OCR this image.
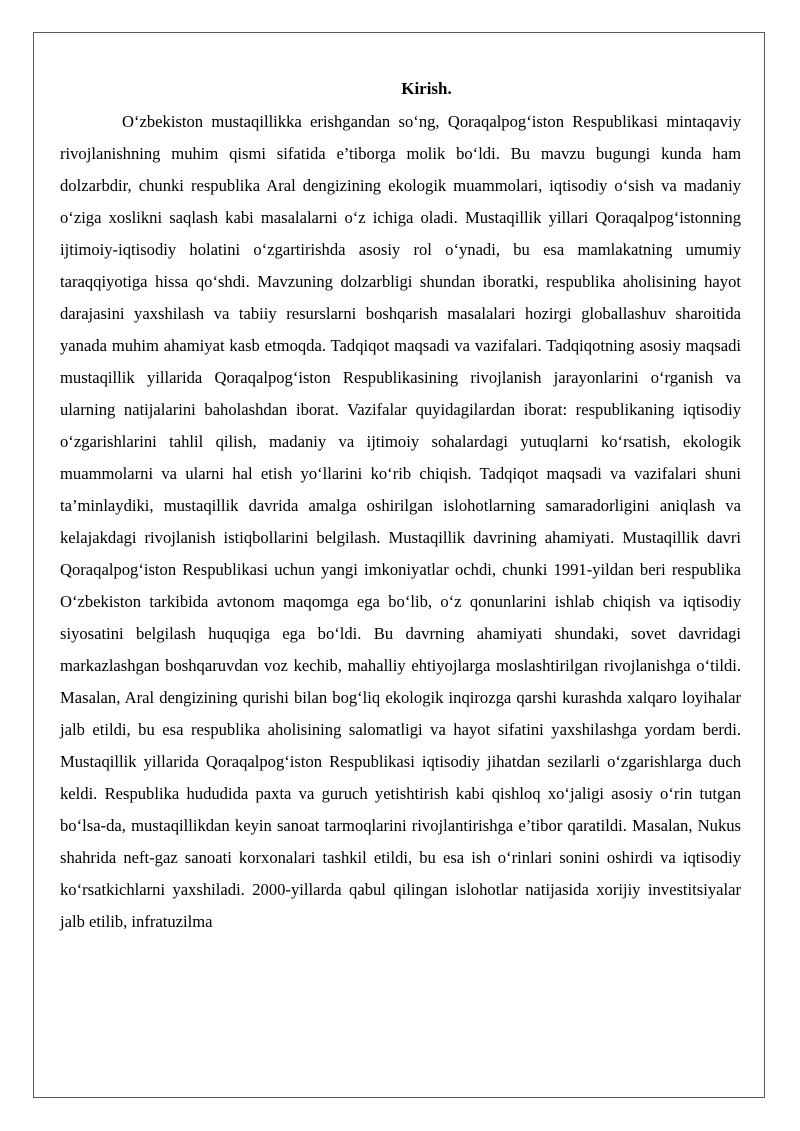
Kirish.

O‘zbekiston mustaqillikka erishgandan so‘ng, Qoraqalpog‘iston Respublikasi mintaqaviy rivojlanishning muhim qismi sifatida e’tiborga molik bo‘ldi. Bu mavzu bugungi kunda ham dolzarbdir, chunki respublika Aral dengizining ekologik muammolari, iqtisodiy o‘sish va madaniy o‘ziga xoslikni saqlash kabi masalalarni o‘z ichiga oladi. Mustaqillik yillari Qoraqalpog‘istonning ijtimoiy-iqtisodiy holatini o‘zgartirishda asosiy rol o‘ynadi, bu esa mamlakatning umumiy taraqqiyotiga hissa qo‘shdi. Mavzuning dolzarbligi shundan iboratki, respublika aholisining hayot darajasini yaxshilash va tabiiy resurslarni boshqarish masalalari hozirgi globallashuv sharoitida yanada muhim ahamiyat kasb etmoqda. Tadqiqot maqsadi va vazifalari. Tadqiqotning asosiy maqsadi mustaqillik yillarida Qoraqalpog‘iston Respublikasining rivojlanish jarayonlarini o‘rganish va ularning natijalarini baholashdan iborat. Vazifalar quyidagilardan iborat: respublikaning iqtisodiy o‘zgarishlarini tahlil qilish, madaniy va ijtimoiy sohalardagi yutuqlarni ko‘rsatish, ekologik muammolarni va ularni hal etish yo‘llarini ko‘rib chiqish. Tadqiqot maqsadi va vazifalari shuni ta’minlaydiki, mustaqillik davrida amalga oshirilgan islohotlarning samaradorligini aniqlash va kelajakdagi rivojlanish istiqbollarini belgilash. Mustaqillik davrining ahamiyati. Mustaqillik davri Qoraqalpog‘iston Respublikasi uchun yangi imkoniyatlar ochdi, chunki 1991-yildan beri respublika O‘zbekiston tarkibida avtonom maqomga ega bo‘lib, o‘z qonunlarini ishlab chiqish va iqtisodiy siyosatini belgilash huquqiga ega bo‘ldi. Bu davrning ahamiyati shundaki, sovet davridagi markazlashgan boshqaruvdan voz kechib, mahalliy ehtiyojlarga moslashtirilgan rivojlanishga o‘tildi. Masalan, Aral dengizining qurishi bilan bog‘liq ekologik inqirozga qarshi kurashda xalqaro loyihalar jalb etildi, bu esa respublika aholisining salomatligi va hayot sifatini yaxshilashga yordam berdi. Mustaqillik yillarida Qoraqalpog‘iston Respublikasi iqtisodiy jihatdan sezilarli o‘zgarishlarga duch keldi. Respublika hududida paxta va guruch yetishtirish kabi qishloq xo‘jaligi asosiy o‘rin tutgan bo‘lsa-da, mustaqillikdan keyin sanoat tarmoqlarini rivojlantirishga e’tibor qaratildi. Masalan, Nukus shahrida neft-gaz sanoati korxonalari tashkil etildi, bu esa ish o‘rinlari sonini oshirdi va iqtisodiy ko‘rsatkichlarni yaxshiladi. 2000-yillarda qabul qilingan islohotlar natijasida xorijiy investitsiyalar jalb etilib, infratuzilma
